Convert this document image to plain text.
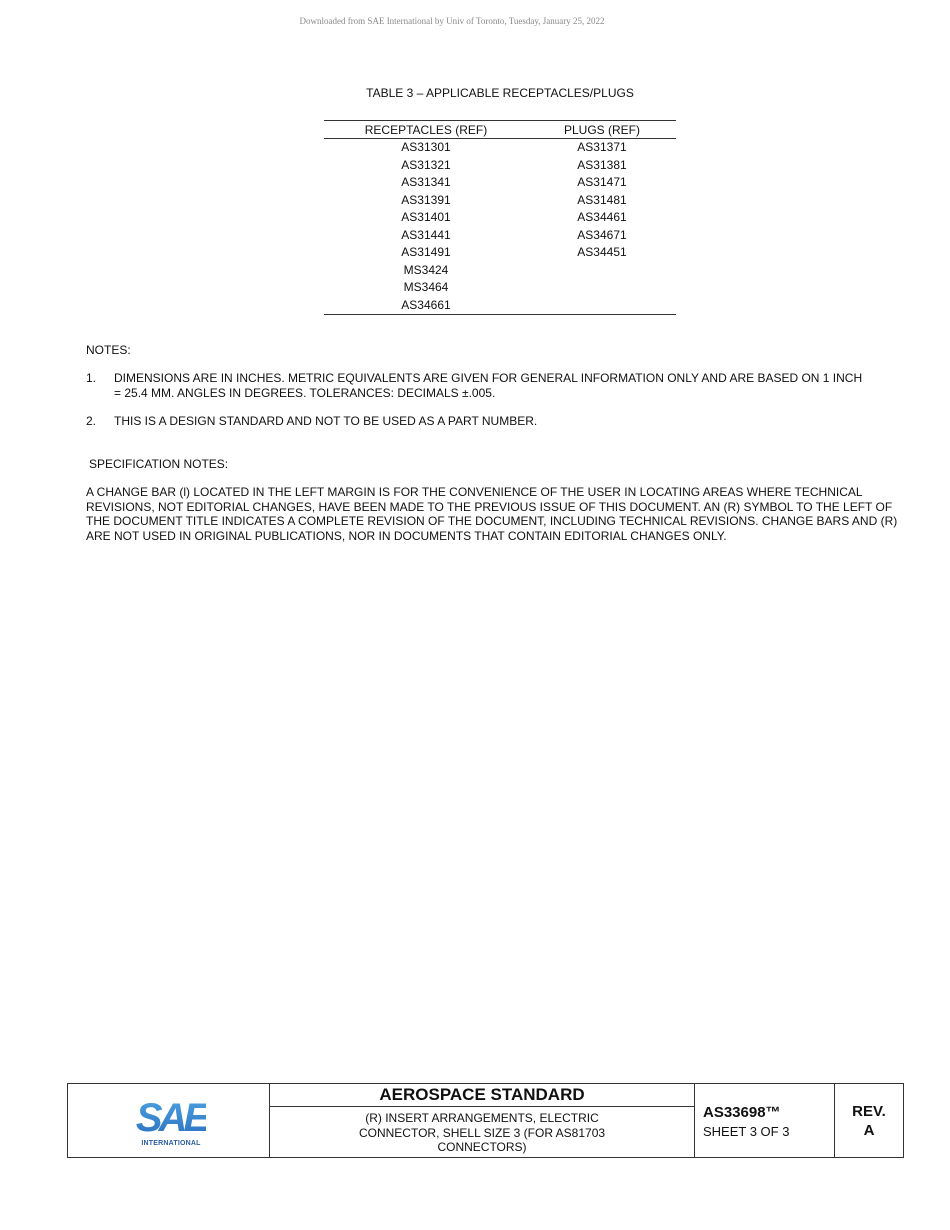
Downloaded from SAE International by Univ of Toronto, Tuesday, January 25, 2022
TABLE 3 – APPLICABLE RECEPTACLES/PLUGS
RECEPTACLES (REF)	PLUGS (REF)
AS31301	AS31371
AS31321	AS31381
AS31341	AS31471
AS31391	AS31481
AS31401	AS34461
AS31441	AS34671
AS31491	AS34451
MS3424	
MS3464	
AS34661	
NOTES:
1. DIMENSIONS ARE IN INCHES. METRIC EQUIVALENTS ARE GIVEN FOR GENERAL INFORMATION ONLY AND ARE BASED ON 1 INCH = 25.4 MM. ANGLES IN DEGREES. TOLERANCES: DECIMALS ±.005.
2. THIS IS A DESIGN STANDARD AND NOT TO BE USED AS A PART NUMBER.
SPECIFICATION NOTES:
A CHANGE BAR (l) LOCATED IN THE LEFT MARGIN IS FOR THE CONVENIENCE OF THE USER IN LOCATING AREAS WHERE TECHNICAL REVISIONS, NOT EDITORIAL CHANGES, HAVE BEEN MADE TO THE PREVIOUS ISSUE OF THIS DOCUMENT. AN (R) SYMBOL TO THE LEFT OF THE DOCUMENT TITLE INDICATES A COMPLETE REVISION OF THE DOCUMENT, INCLUDING TECHNICAL REVISIONS. CHANGE BARS AND (R) ARE NOT USED IN ORIGINAL PUBLICATIONS, NOR IN DOCUMENTS THAT CONTAIN EDITORIAL CHANGES ONLY.
SAE
INTERNATIONAL
AEROSPACE STANDARD
(R) INSERT ARRANGEMENTS, ELECTRIC CONNECTOR, SHELL SIZE 3 (FOR AS81703 CONNECTORS)
AS33698™
SHEET 3 OF 3
REV.
A
